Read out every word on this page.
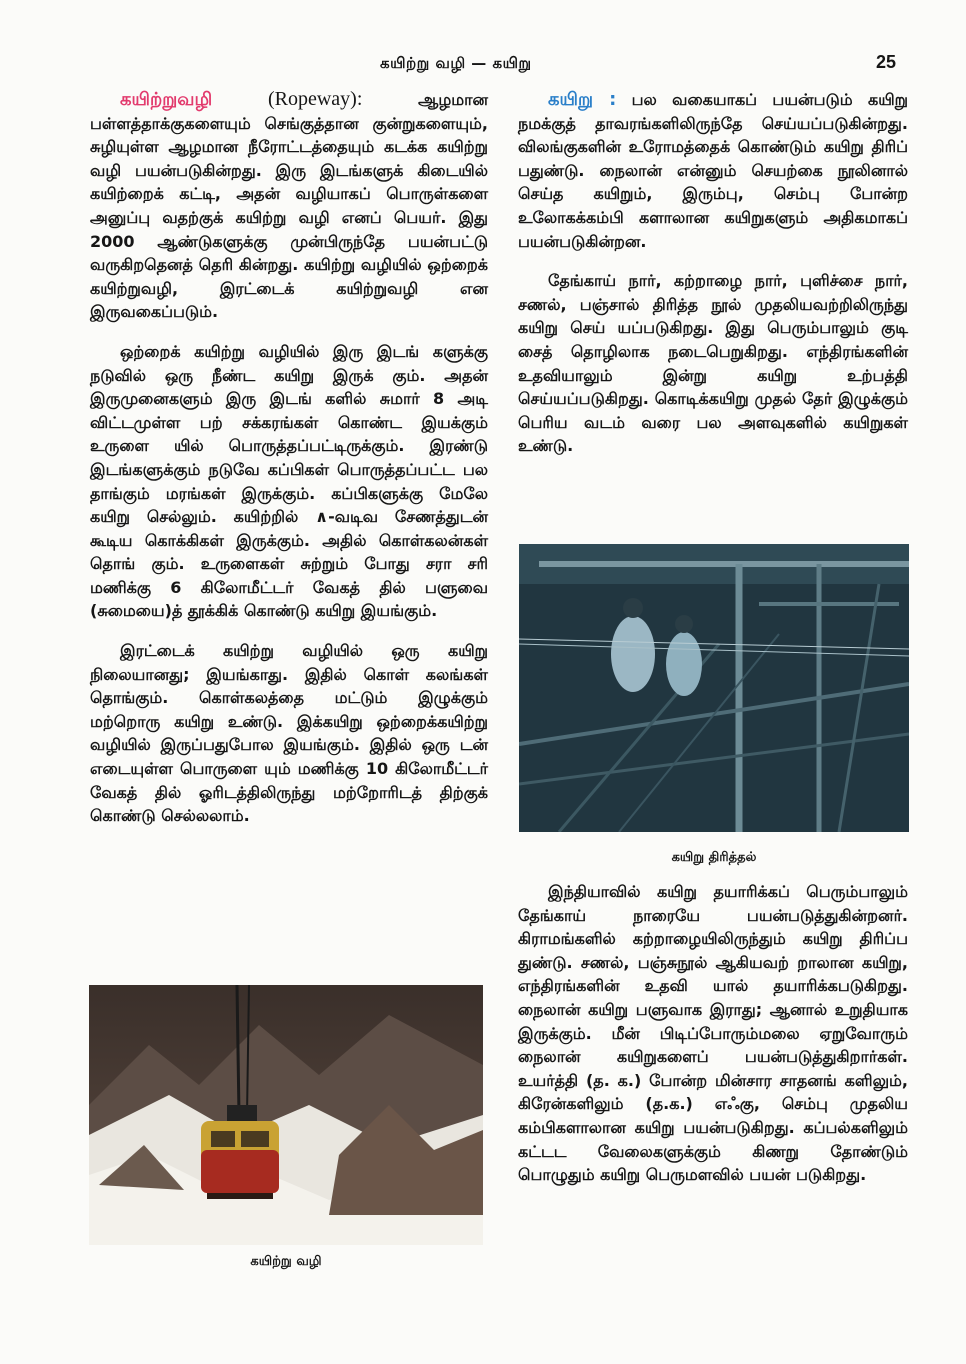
கயிற்று வழி — கயிறு	25

கயிற்றுவழி	(Ropeway):	ஆழமான பள்ளத்தாக்குகளையும் செங்குத்தான குன்றுகளையும், சுழியுள்ள ஆழமான நீரோட்டத்தையும் கடக்க கயிற்று வழி பயன்படுகின்றது. இரு இடங்களுக் கிடையில் கயிற்றைக் கட்டி, அதன் வழியாகப் பொருள்களை அனுப்பு வதற்குக் கயிற்று வழி எனப் பெயர். இது 2000 ஆண்டுகளுக்கு முன்பிருந்தே பயன்பட்டு வருகிறதெனத் தெரி கின்றது. கயிற்று வழியில் ஒற்றைக் கயிற்றுவழி, இரட்டைக் கயிற்றுவழி என இருவகைப்படும்.

ஒற்றைக் கயிற்று வழியில் இரு இடங் களுக்கு நடுவில் ஒரு நீண்ட கயிறு இருக் கும். அதன் இருமுனைகளும் இரு இடங் களில் சுமார் 8 அடி விட்டமுள்ள பற் சக்கரங்கள் கொண்ட இயக்கும் உருளை யில் பொருத்தப்பட்டிருக்கும். இரண்டு இடங்களுக்கும் நடுவே கப்பிகள் பொருத்தப்பட்ட பல தாங்கும் மரங்கள் இருக்கும். கப்பிகளுக்கு மேலே கயிறு செல்லும். கயிற்றில் ∧-வடிவ சேணத்துடன் கூடிய கொக்கிகள் இருக்கும். அதில் கொள்கலன்கள் தொங் கும். உருளைகள் சுற்றும் போது சரா சரி மணிக்கு 6 கிலோமீட்டர் வேகத் தில் பளுவை (சுமையை)த் தூக்கிக் கொண்டு கயிறு இயங்கும்.

இரட்டைக் கயிற்று வழியில் ஒரு கயிறு நிலையானது; இயங்காது. இதில் கொள் கலங்கள் தொங்கும். கொள்கலத்தை மட்டும் இழுக்கும் மற்றொரு கயிறு உண்டு. இக்கயிறு ஒற்றைக்கயிற்று வழியில் இருப்பதுபோல இயங்கும். இதில் ஒரு டன் எடையுள்ள பொருளை யும் மணிக்கு 10 கிலோமீட்டர் வேகத் தில் ஓரிடத்திலிருந்து மற்றோரிடத் திற்குக் கொண்டு செல்லலாம்.

கயிற்று வழி

கயிறு : பல வகையாகப் பயன்படும் கயிறு நமக்குத் தாவரங்களிலிருந்தே செய்யப்படுகின்றது. விலங்குகளின் உரோமத்தைக் கொண்டும் கயிறு திரிப் பதுண்டு. நைலான் என்னும் செயற்கை நூலினால் செய்த கயிறும், இரும்பு, செம்பு போன்ற உலோகக்கம்பி களாலான கயிறுகளும் அதிகமாகப் பயன்படுகின்றன.

தேங்காய் நார், கற்றாழை நார், புளிச்சை நார், சணல், பஞ்சால் திரித்த நூல் முதலியவற்றிலிருந்து கயிறு செய் யப்படுகிறது. இது பெரும்பாலும் குடி சைத் தொழிலாக நடைபெறுகிறது. எந்திரங்களின் உதவியாலும் இன்று கயிறு உற்பத்தி செய்யப்படுகிறது. கொடிக்கயிறு முதல் தேர் இழுக்கும் பெரிய வடம் வரை பல அளவுகளில் கயிறுகள் உண்டு.

கயிறு திரித்தல்

இந்தியாவில் கயிறு தயாரிக்கப் பெரும்பாலும் தேங்காய் நாரையே பயன்படுத்துகின்றனர். கிராமங்களில் கற்றாழையிலிருந்தும் கயிறு திரிப்ப துண்டு. சணல், பஞ்சுநூல் ஆகியவற் றாலான கயிறு, எந்திரங்களின் உதவி யால் தயாரிக்கபடுகிறது. நைலான் கயிறு பளுவாக இராது; ஆனால் உறுதியாக இருக்கும். மீன் பிடிப்போரும்மலை ஏறுவோரும் நைலான் கயிறுகளைப் பயன்படுத்துகிறார்கள். உயர்த்தி (த. க.) போன்ற மின்சார சாதனங் களிலும், கிரேன்களிலும் (த.க.) எஃகு, செம்பு முதலிய கம்பிகளாலான கயிறு பயன்படுகிறது. கப்பல்களிலும் கட்டட வேலைகளுக்கும் கிணறு தோண்டும் பொழுதும் கயிறு பெருமளவில் பயன் படுகிறது.
